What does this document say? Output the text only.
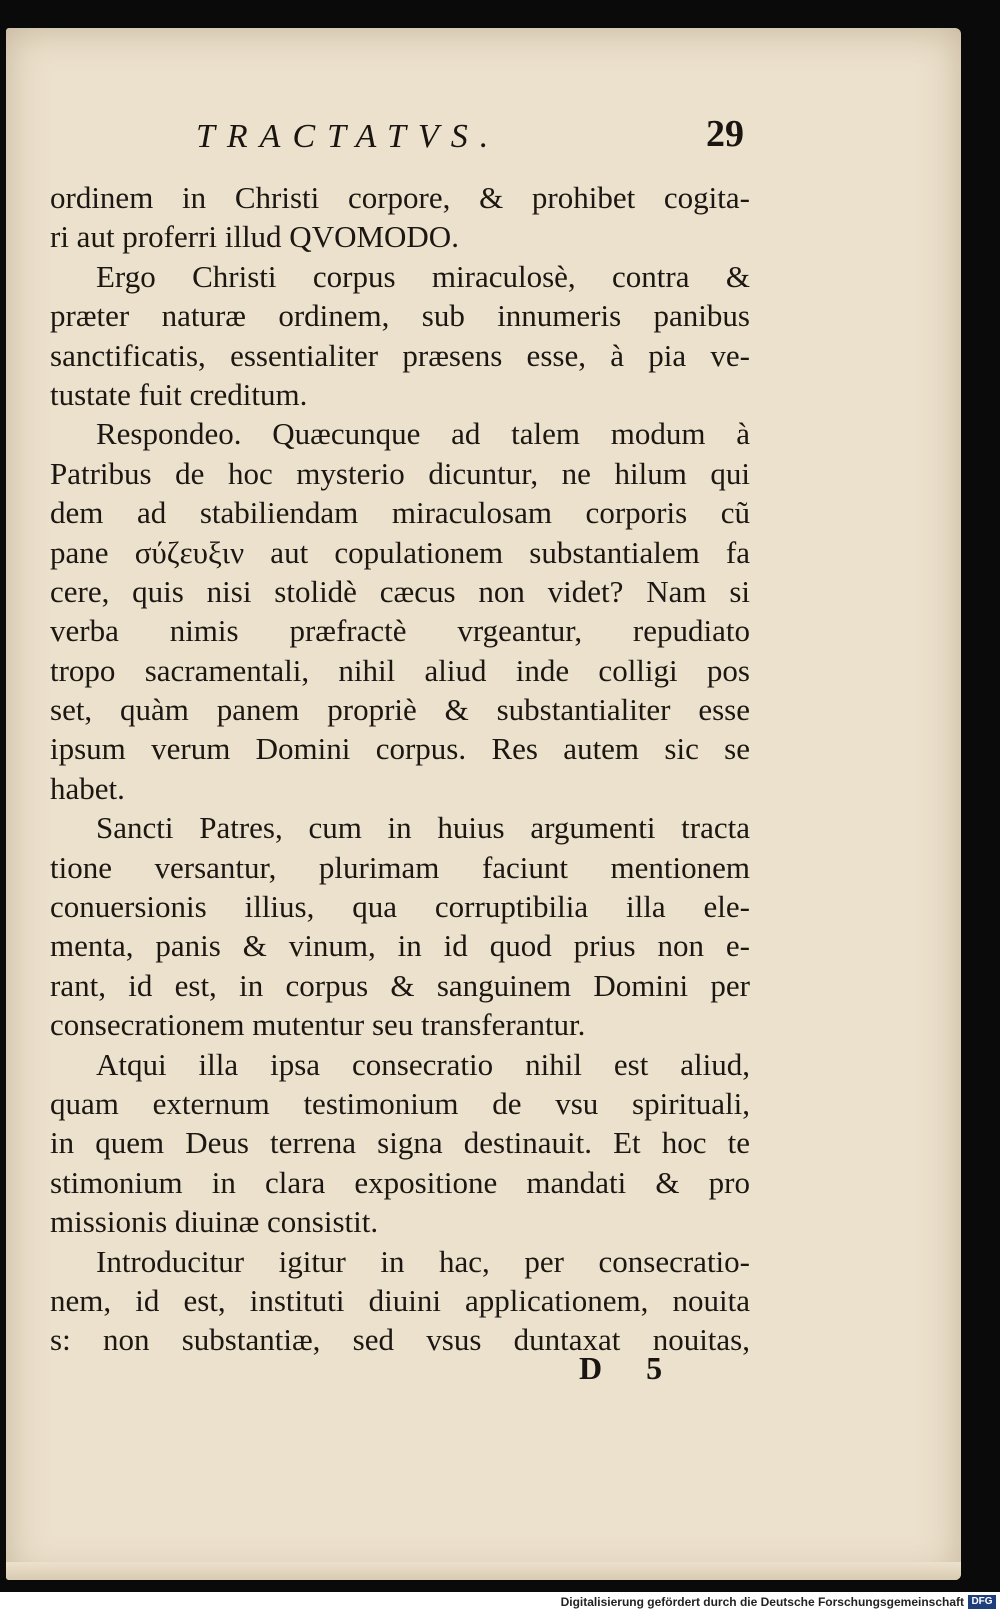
TRACTATVS.	29
ordinem in Christi corpore, & prohibet cogita-
ri aut proferri illud QVOMODO.
Ergo Christi corpus miraculosè, contra &
præter naturæ ordinem, sub innumeris panibus
sanctificatis, essentialiter præsens esse, à pia ve-
tustate fuit creditum.
Respondeo. Quæcunque ad talem modum à
Patribus de hoc mysterio dicuntur, ne hilum qui
dem ad stabiliendam miraculosam corporis cũ
pane σύζευξιν aut copulationem substantialem fa
cere, quis nisi stolidè cæcus non videt? Nam si
verba nimis præfractè vrgeantur, repudiato
tropo sacramentali, nihil aliud inde colligi pos
set, quàm panem propriè & substantialiter esse
ipsum verum Domini corpus. Res autem sic se
habet.
Sancti Patres, cum in huius argumenti tracta
tione versantur, plurimam faciunt mentionem
conuersionis illius, qua corruptibilia illa ele-
menta, panis & vinum, in id quod prius non e-
rant, id est, in corpus & sanguinem Domini per
consecrationem mutentur seu transferantur.
Atqui illa ipsa consecratio nihil est aliud,
quam externum testimonium de vsu spirituali,
in quem Deus terrena signa destinauit. Et hoc te
stimonium in clara expositione mandati & pro
missionis diuinæ consistit.
Introducitur igitur in hac, per consecratio-
nem, id est, instituti diuini applicationem, nouita
s: non substantiæ, sed vsus duntaxat nouitas,
D 5
Digitalisierung gefördert durch die Deutsche Forschungsgemeinschaft DFG
